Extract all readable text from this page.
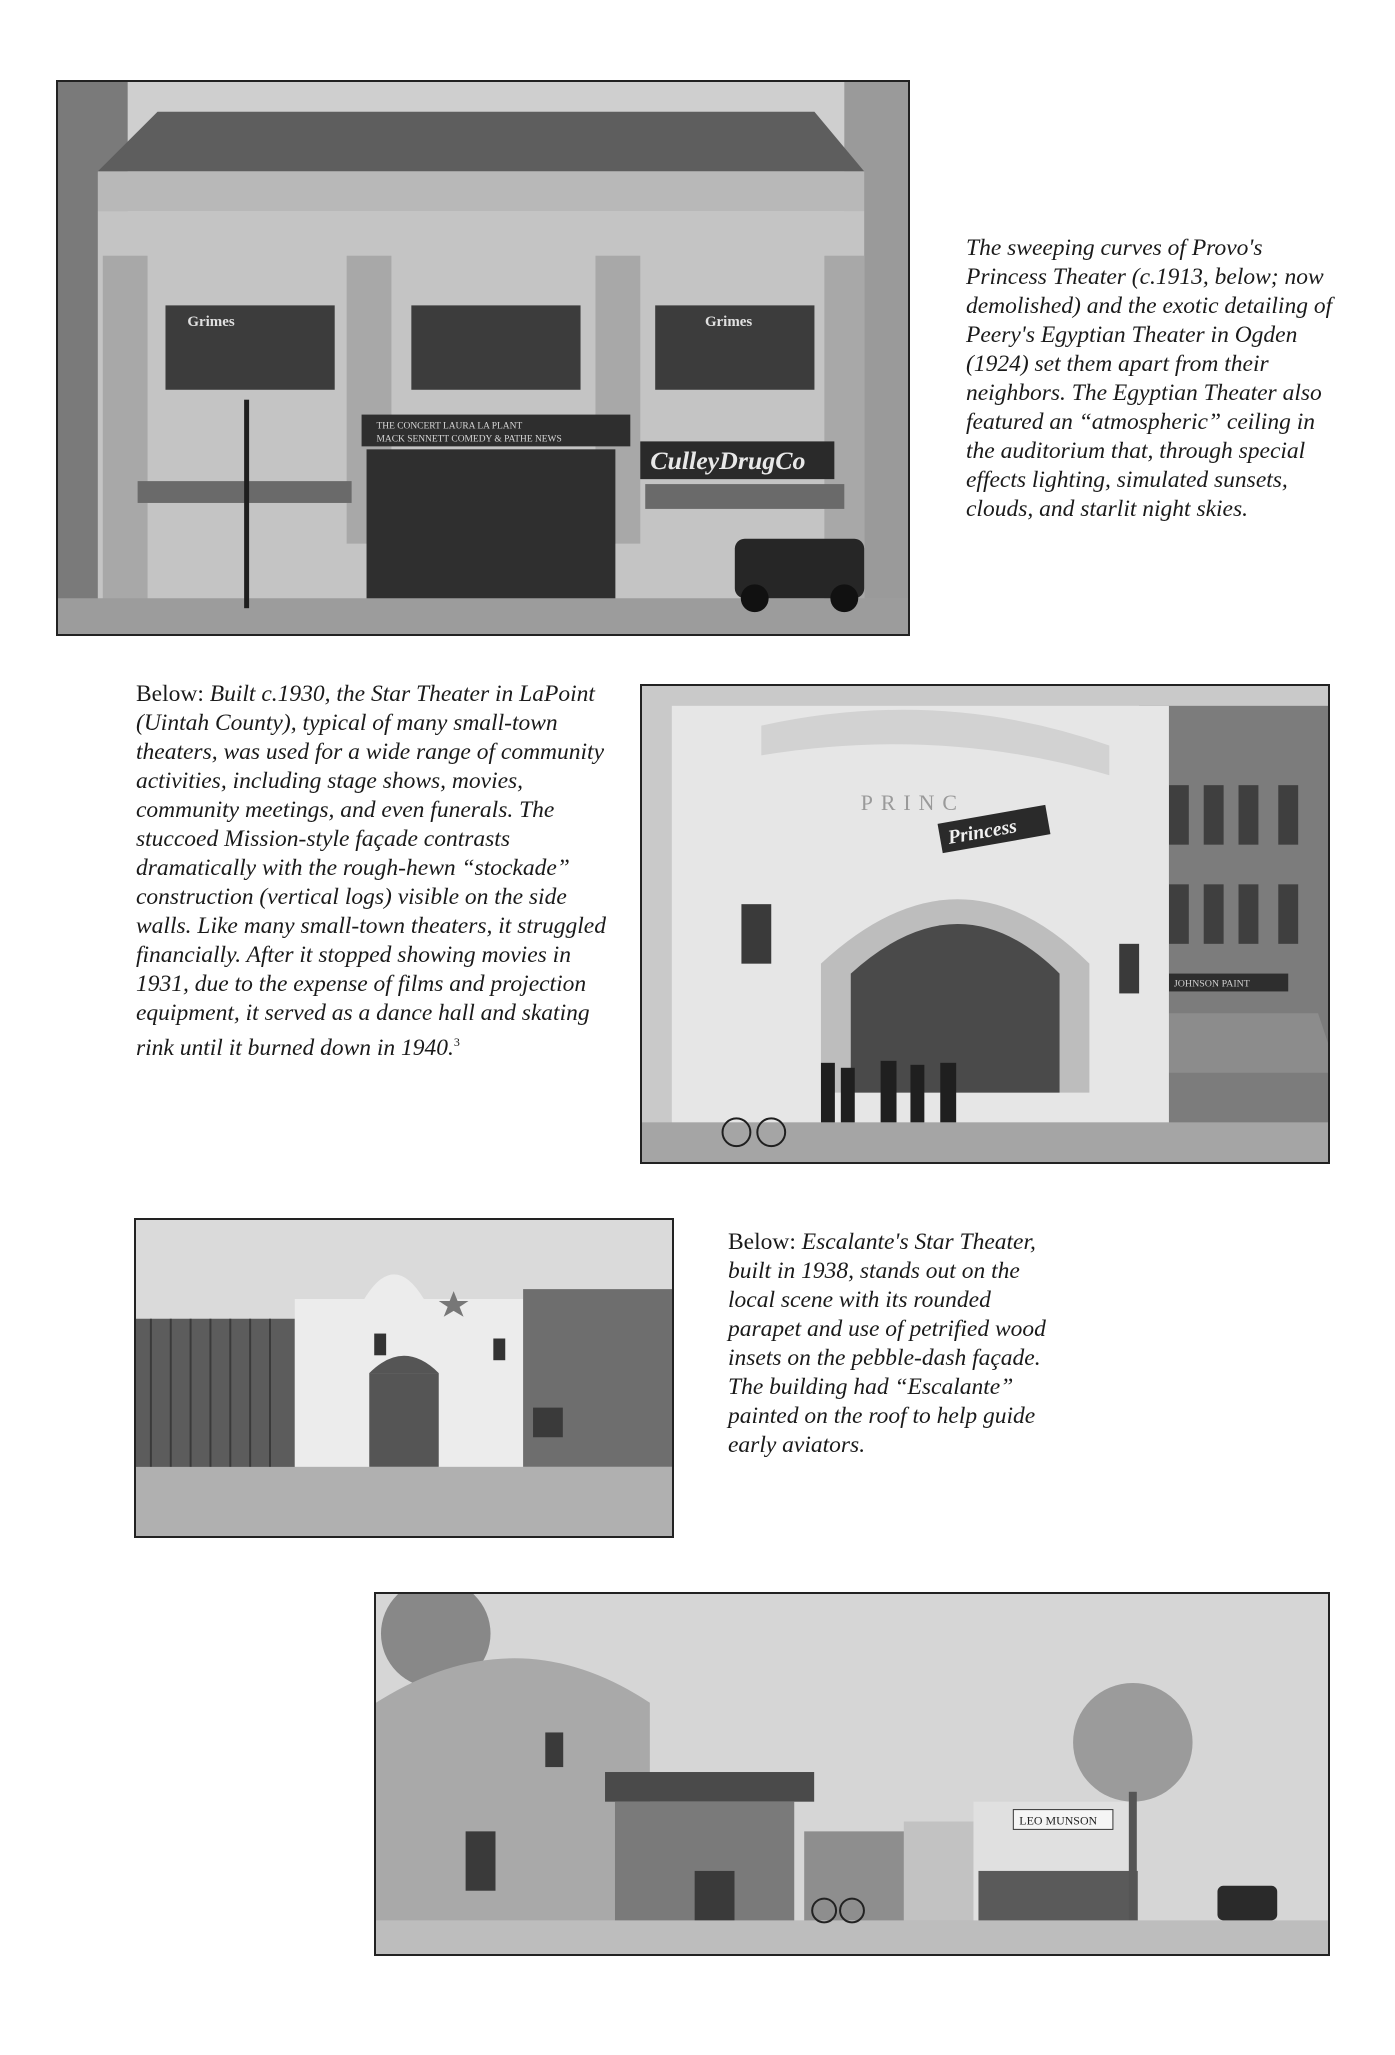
Grimes	Grimes
THE CONCERT LAURA LA PLANT
MACK SENNETT COMEDY & PATHE NEWS
CulleyDrugCo

The sweeping curves of Provo's Princess Theater (c.1913, below; now demolished) and the exotic detailing of Peery's Egyptian Theater in Ogden (1924) set them apart from their neighbors. The Egyptian Theater also featured an “atmospheric” ceiling in the auditorium that, through special effects lighting, simulated sunsets, clouds, and starlit night skies.

Below: Built c.1930, the Star Theater in LaPoint (Uintah County), typical of many small-town theaters, was used for a wide range of community activities, including stage shows, movies, community meetings, and even funerals. The stuccoed Mission-style façade contrasts dramatically with the rough-hewn “stockade” construction (vertical logs) visible on the side walls. Like many small-town theaters, it struggled financially. After it stopped showing movies in 1931, due to the expense of films and projection equipment, it served as a dance hall and skating rink until it burned down in 1940.$^3$

JOHNSON PAINT
PRINC
Princess

Below: Escalante's Star Theater, built in 1938, stands out on the local scene with its rounded parapet and use of petrified wood insets on the pebble-dash façade. The building had “Escalante” painted on the roof to help guide early aviators.

LEO MUNSON
